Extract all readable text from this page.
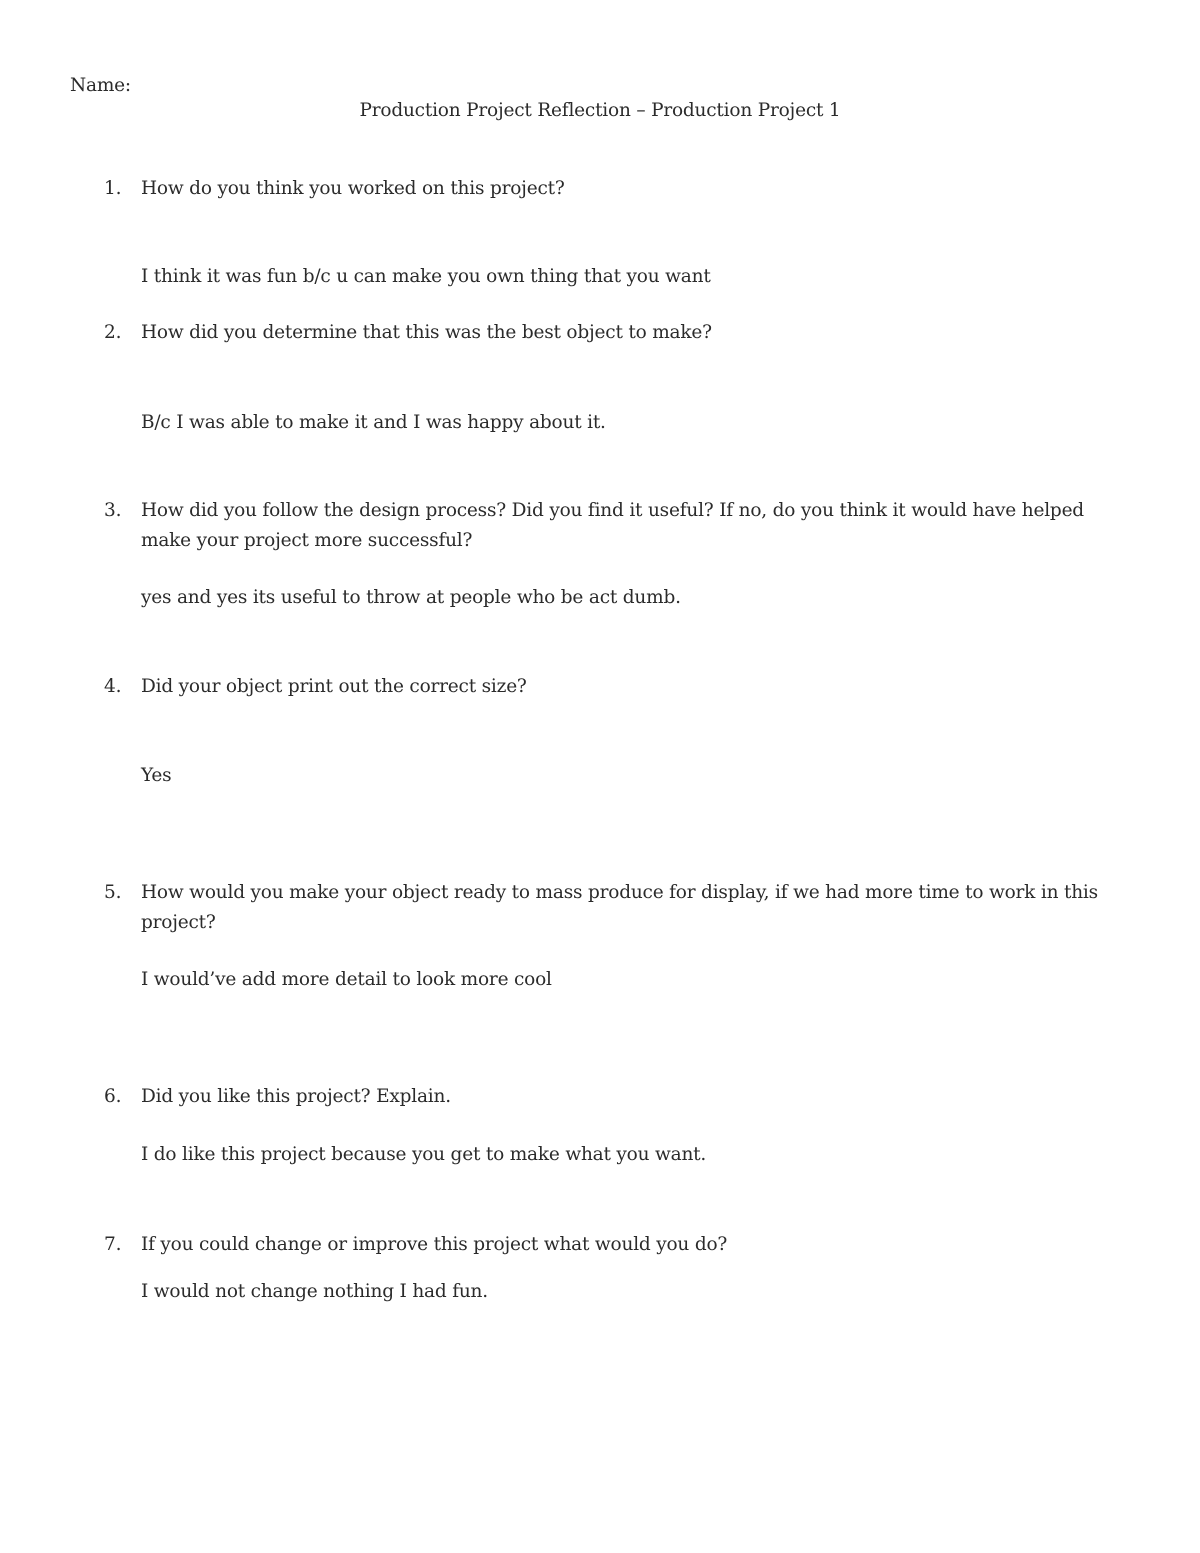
Name:
Production Project Reflection – Production Project 1
1. How do you think you worked on this project?
I think it was fun b/c u can make you own thing that you want
2. How did you determine that this was the best object to make?
B/c I was able to make it and I was happy about it.
3. How did you follow the design process? Did you find it useful? If no, do you think it would have helped make your project more successful?
yes and yes its useful to throw at people who be act dumb.
4. Did your object print out the correct size?
Yes
5. How would you make your object ready to mass produce for display, if we had more time to work in this project?
I would’ve add more detail to look more cool
6. Did you like this project? Explain.
I do like this project because you get to make what you want.
7. If you could change or improve this project what would you do?
I would not change nothing I had fun.
